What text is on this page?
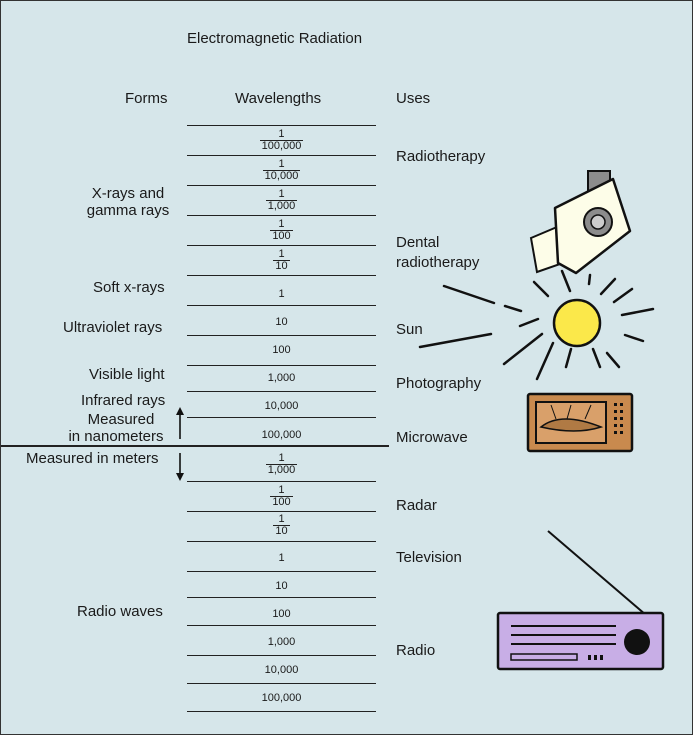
Electromagnetic Radiation
Forms	Wavelengths	Uses
$\frac{1}{100,000}$
$\frac{1}{10,000}$
$\frac{1}{1,000}$
$\frac{1}{100}$
$\frac{1}{10}$
1
10
100
1,000
10,000
100,000
$\frac{1}{1,000}$
$\frac{1}{100}$
$\frac{1}{10}$
1
10
100
1,000
10,000
100,000
X-rays and
gamma rays
Soft x-rays
Ultraviolet rays
Visible light
Infrared rays
Measured
in nanometers
Measured in meters
Radio waves
Radiotherapy
Dental
radiotherapy
Sun
Photography
Microwave
Radar
Television
Radio
